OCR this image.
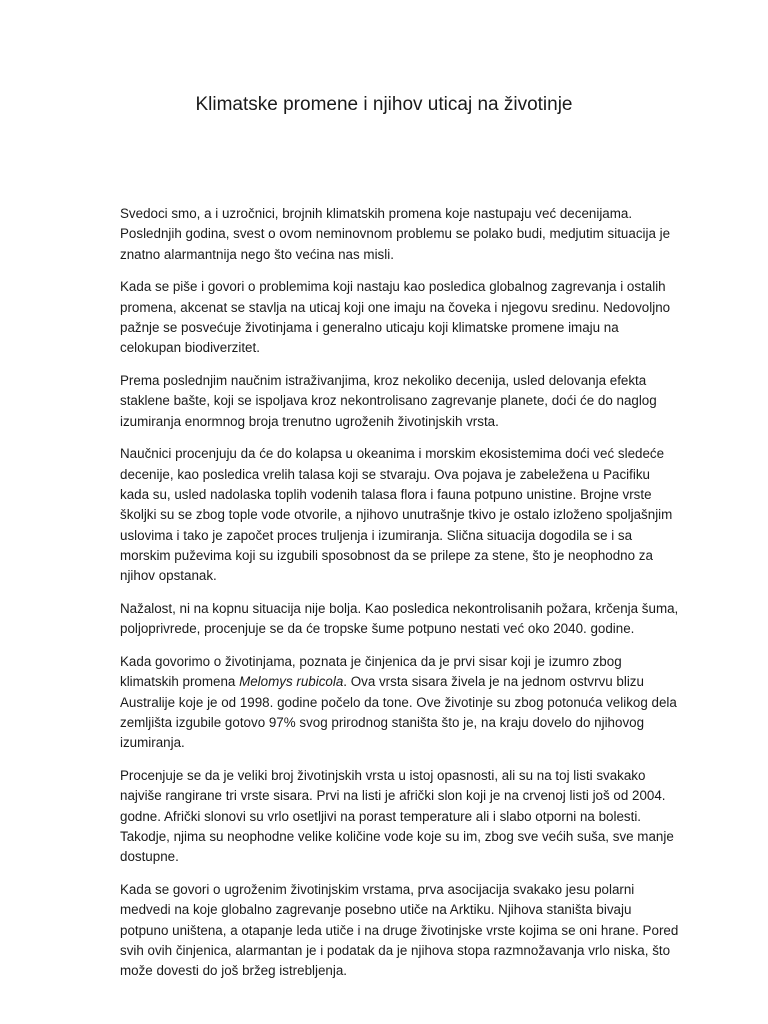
Klimatske promene i njihov uticaj na životinje

Svedoci smo, a i uzročnici, brojnih klimatskih promena koje nastupaju već decenijama. Poslednjih godina, svest o ovom neminovnom problemu se polako budi, medjutim situacija je znatno alarmantnija nego što većina nas misli.

Kada se piše i govori o problemima koji nastaju kao posledica globalnog zagrevanja i ostalih promena, akcenat se stavlja na uticaj koji one imaju na čoveka i njegovu sredinu. Nedovoljno pažnje se posvećuje životinjama i generalno uticaju koji klimatske promene imaju na celokupan biodiverzitet.

Prema poslednjim naučnim istraživanjima, kroz nekoliko decenija, usled delovanja efekta staklene bašte, koji se ispoljava kroz nekontrolisano zagrevanje planete, doći će do naglog izumiranja enormnog broja trenutno ugroženih životinjskih vrsta.

Naučnici procenjuju da će do kolapsa u okeanima i morskim ekosistemima doći već sledeće decenije, kao posledica vrelih talasa koji se stvaraju. Ova pojava je zabeležena u Pacifiku kada su, usled nadolaska toplih vodenih talasa flora i fauna potpuno unistine. Brojne vrste školjki su se zbog tople vode otvorile, a njihovo unutrašnje tkivo je ostalo izloženo spoljašnjim uslovima i tako je započet proces truljenja i izumiranja. Slična situacija dogodila se i sa morskim puževima koji su izgubili sposobnost da se prilepe za stene, što je neophodno za njihov opstanak.

Nažalost, ni na kopnu situacija nije bolja. Kao posledica nekontrolisanih požara, krčenja šuma, poljoprivrede, procenjuje se da će tropske šume potpuno nestati već oko 2040. godine.

Kada govorimo o životinjama, poznata je činjenica da je prvi sisar koji je izumro zbog klimatskih promena Melomys rubicola. Ova vrsta sisara živela je na jednom ostvrvu blizu Australije koje je od 1998. godine počelo da tone. Ove životinje su zbog potonuća velikog dela zemljišta izgubile gotovo 97% svog prirodnog staništa što je, na kraju dovelo do njihovog izumiranja.

Procenjuje se da je veliki broj životinjskih vrsta u istoj opasnosti, ali su na toj listi svakako najviše rangirane tri vrste sisara. Prvi na listi je afrički slon koji je na crvenoj listi još od 2004. godne. Afrički slonovi su vrlo osetljivi na porast temperature ali i slabo otporni na bolesti. Takodje, njima su neophodne velike količine vode koje su im, zbog sve većih suša, sve manje dostupne.

Kada se govori o ugroženim životinjskim vrstama, prva asocijacija svakako jesu polarni medvedi na koje globalno zagrevanje posebno utiče na Arktiku. Njihova staništa bivaju potpuno uništena, a otapanje leda utiče i na druge životinjske vrste kojima se oni hrane. Pored svih ovih činjenica, alarmantan je i podatak da je njihova stopa razmnožavanja vrlo niska, što može dovesti do još bržeg istrebljenja.
